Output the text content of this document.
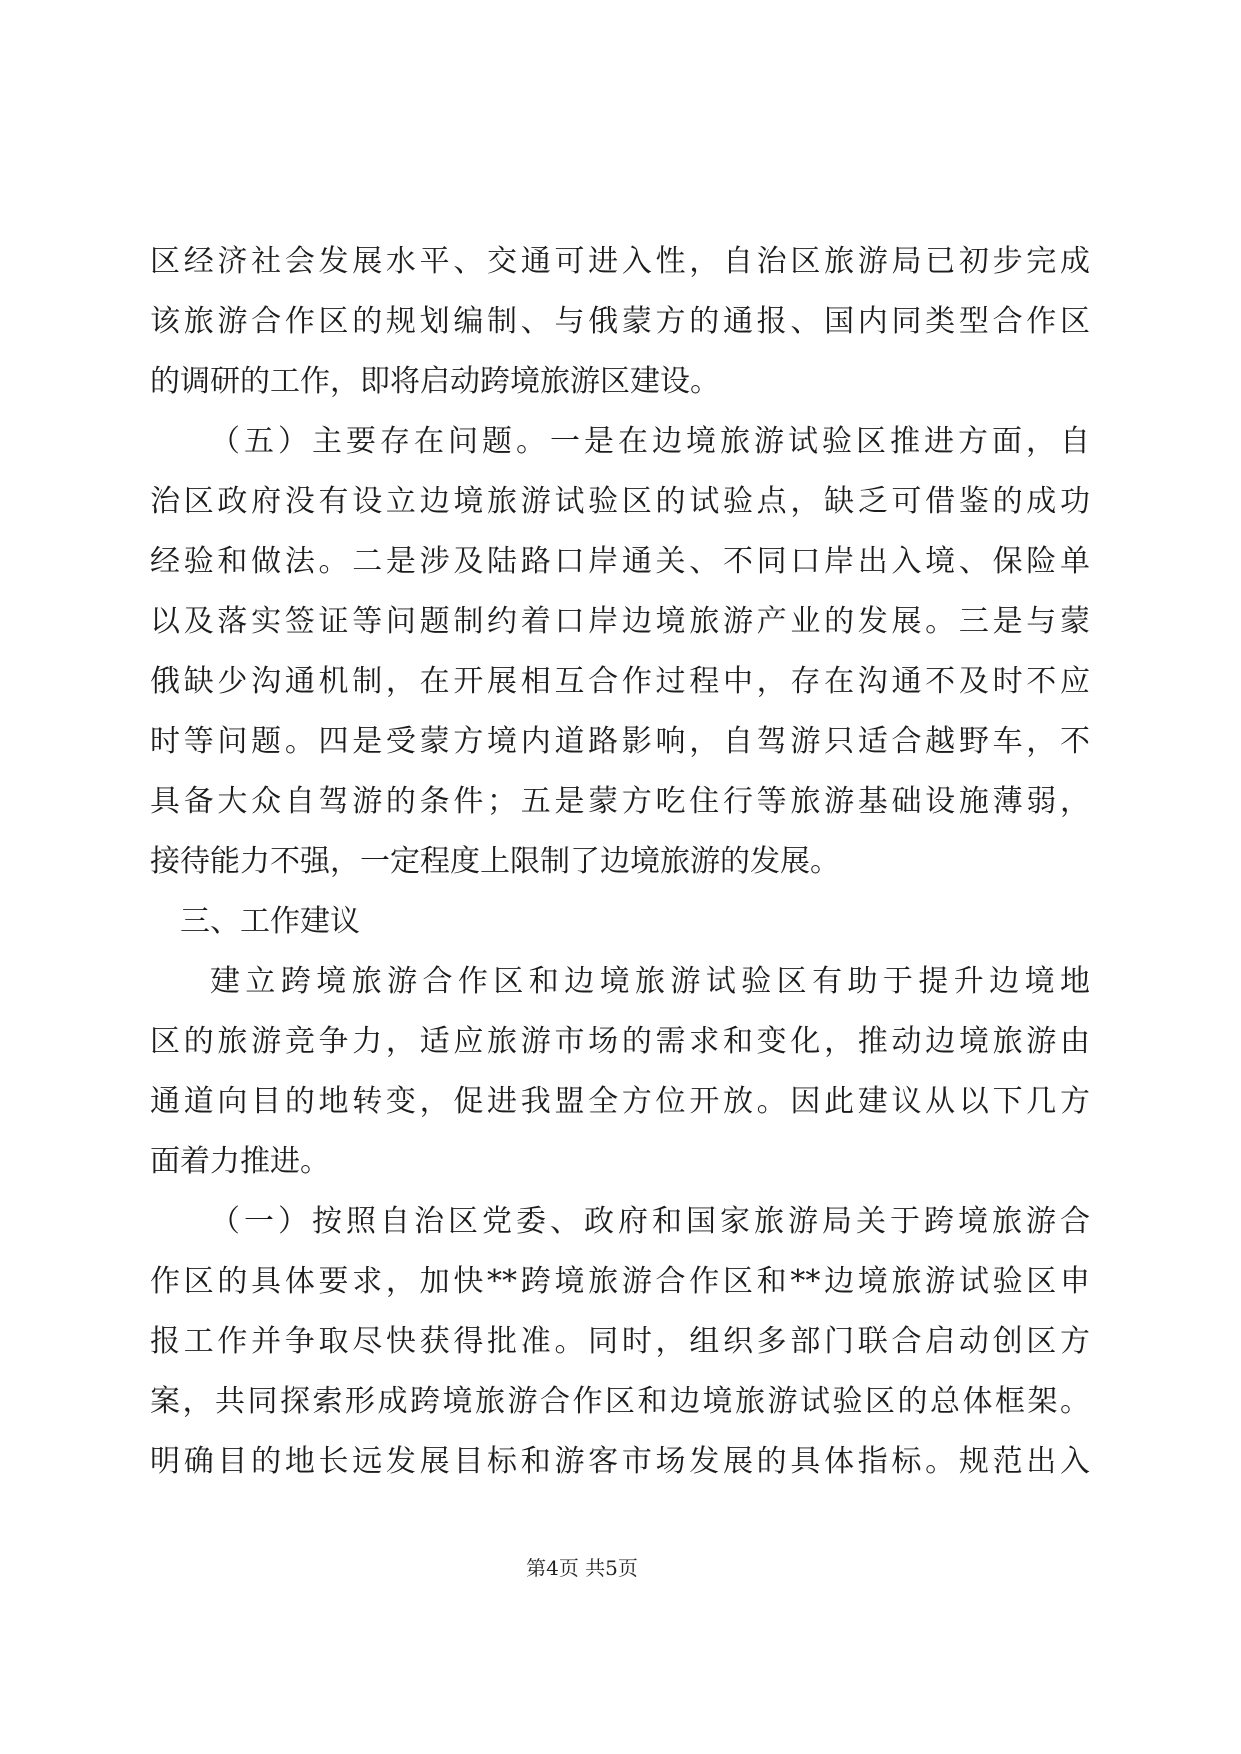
区经济社会发展水平、交通可进入性，自治区旅游局已初步完成
该旅游合作区的规划编制、与俄蒙方的通报、国内同类型合作区
的调研的工作，即将启动跨境旅游区建设。
（五）主要存在问题。一是在边境旅游试验区推进方面，自
治区政府没有设立边境旅游试验区的试验点，缺乏可借鉴的成功
经验和做法。二是涉及陆路口岸通关、不同口岸出入境、保险单
以及落实签证等问题制约着口岸边境旅游产业的发展。三是与蒙
俄缺少沟通机制，在开展相互合作过程中，存在沟通不及时不应
时等问题。四是受蒙方境内道路影响，自驾游只适合越野车，不
具备大众自驾游的条件；五是蒙方吃住行等旅游基础设施薄弱，
接待能力不强，一定程度上限制了边境旅游的发展。
三、工作建议
建立跨境旅游合作区和边境旅游试验区有助于提升边境地
区的旅游竞争力，适应旅游市场的需求和变化，推动边境旅游由
通道向目的地转变，促进我盟全方位开放。因此建议从以下几方
面着力推进。
（一）按照自治区党委、政府和国家旅游局关于跨境旅游合
作区的具体要求，加快**跨境旅游合作区和**边境旅游试验区申
报工作并争取尽快获得批准。同时，组织多部门联合启动创区方
案，共同探索形成跨境旅游合作区和边境旅游试验区的总体框架。
明确目的地长远发展目标和游客市场发展的具体指标。规范出入
第4页 共5页
